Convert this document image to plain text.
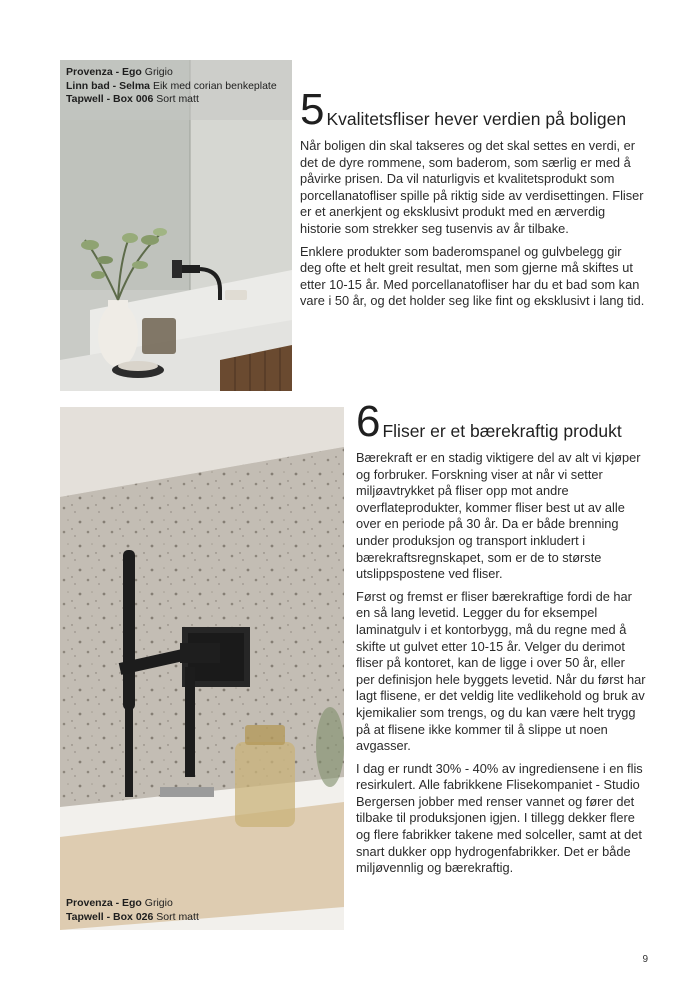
Provenza - Ego Grigio
Linn bad - Selma Eik med corian benkeplate
Tapwell - Box 006 Sort matt	5 Kvalitetsfliser hever verdien på boligen

Når boligen din skal takseres og det skal settes en verdi, er det de dyre rommene, som baderom, som særlig er med å påvirke prisen. Da vil naturligvis et kvalitetsprodukt som porcellanatofliser spille på riktig side av verdisettingen. Fliser er et anerkjent og eksklusivt produkt med en ærverdig historie som strekker seg tusenvis av år tilbake.

Enklere produkter som baderomspanel og gulvbelegg gir deg ofte et helt greit resultat, men som gjerne må skiftes ut etter 10-15 år. Med porcellanatofliser har du et bad som kan vare i 50 år, og det holder seg like fint og eksklusivt i lang tid.

Provenza - Ego Grigio
Tapwell - Box 026 Sort matt
6 Fliser er et bærekraftig produkt

Bærekraft er en stadig viktigere del av alt vi kjøper og forbruker. Forskning viser at når vi setter miljøavtrykket på fliser opp mot andre overflateprodukter, kommer fliser best ut av alle over en periode på 30 år. Da er både brenning under produksjon og transport inkludert i bærekraftsregnskapet, som er de to største utslippspostene ved fliser.

Først og fremst er fliser bærekraftige fordi de har en så lang levetid. Legger du for eksempel laminatgulv i et kontorbygg, må du regne med å skifte ut gulvet etter 10-15 år. Velger du derimot fliser på kontoret, kan de ligge i over 50 år, eller per definisjon hele byggets levetid. Når du først har lagt flisene, er det veldig lite vedlikehold og bruk av kjemikalier som trengs, og du kan være helt trygg på at flisene ikke kommer til å slippe ut noen avgasser.

I dag er rundt 30% - 40% av ingrediensene i en flis resirkulert. Alle fabrikkene Flisekompaniet - Studio Bergersen jobber med renser vannet og fører det tilbake til produksjonen igjen. I tillegg dekker flere og flere fabrikker takene med solceller, samt at det snart dukker opp hydrogenfabrikker. Det er både miljøvennlig og bærekraftig.

9
